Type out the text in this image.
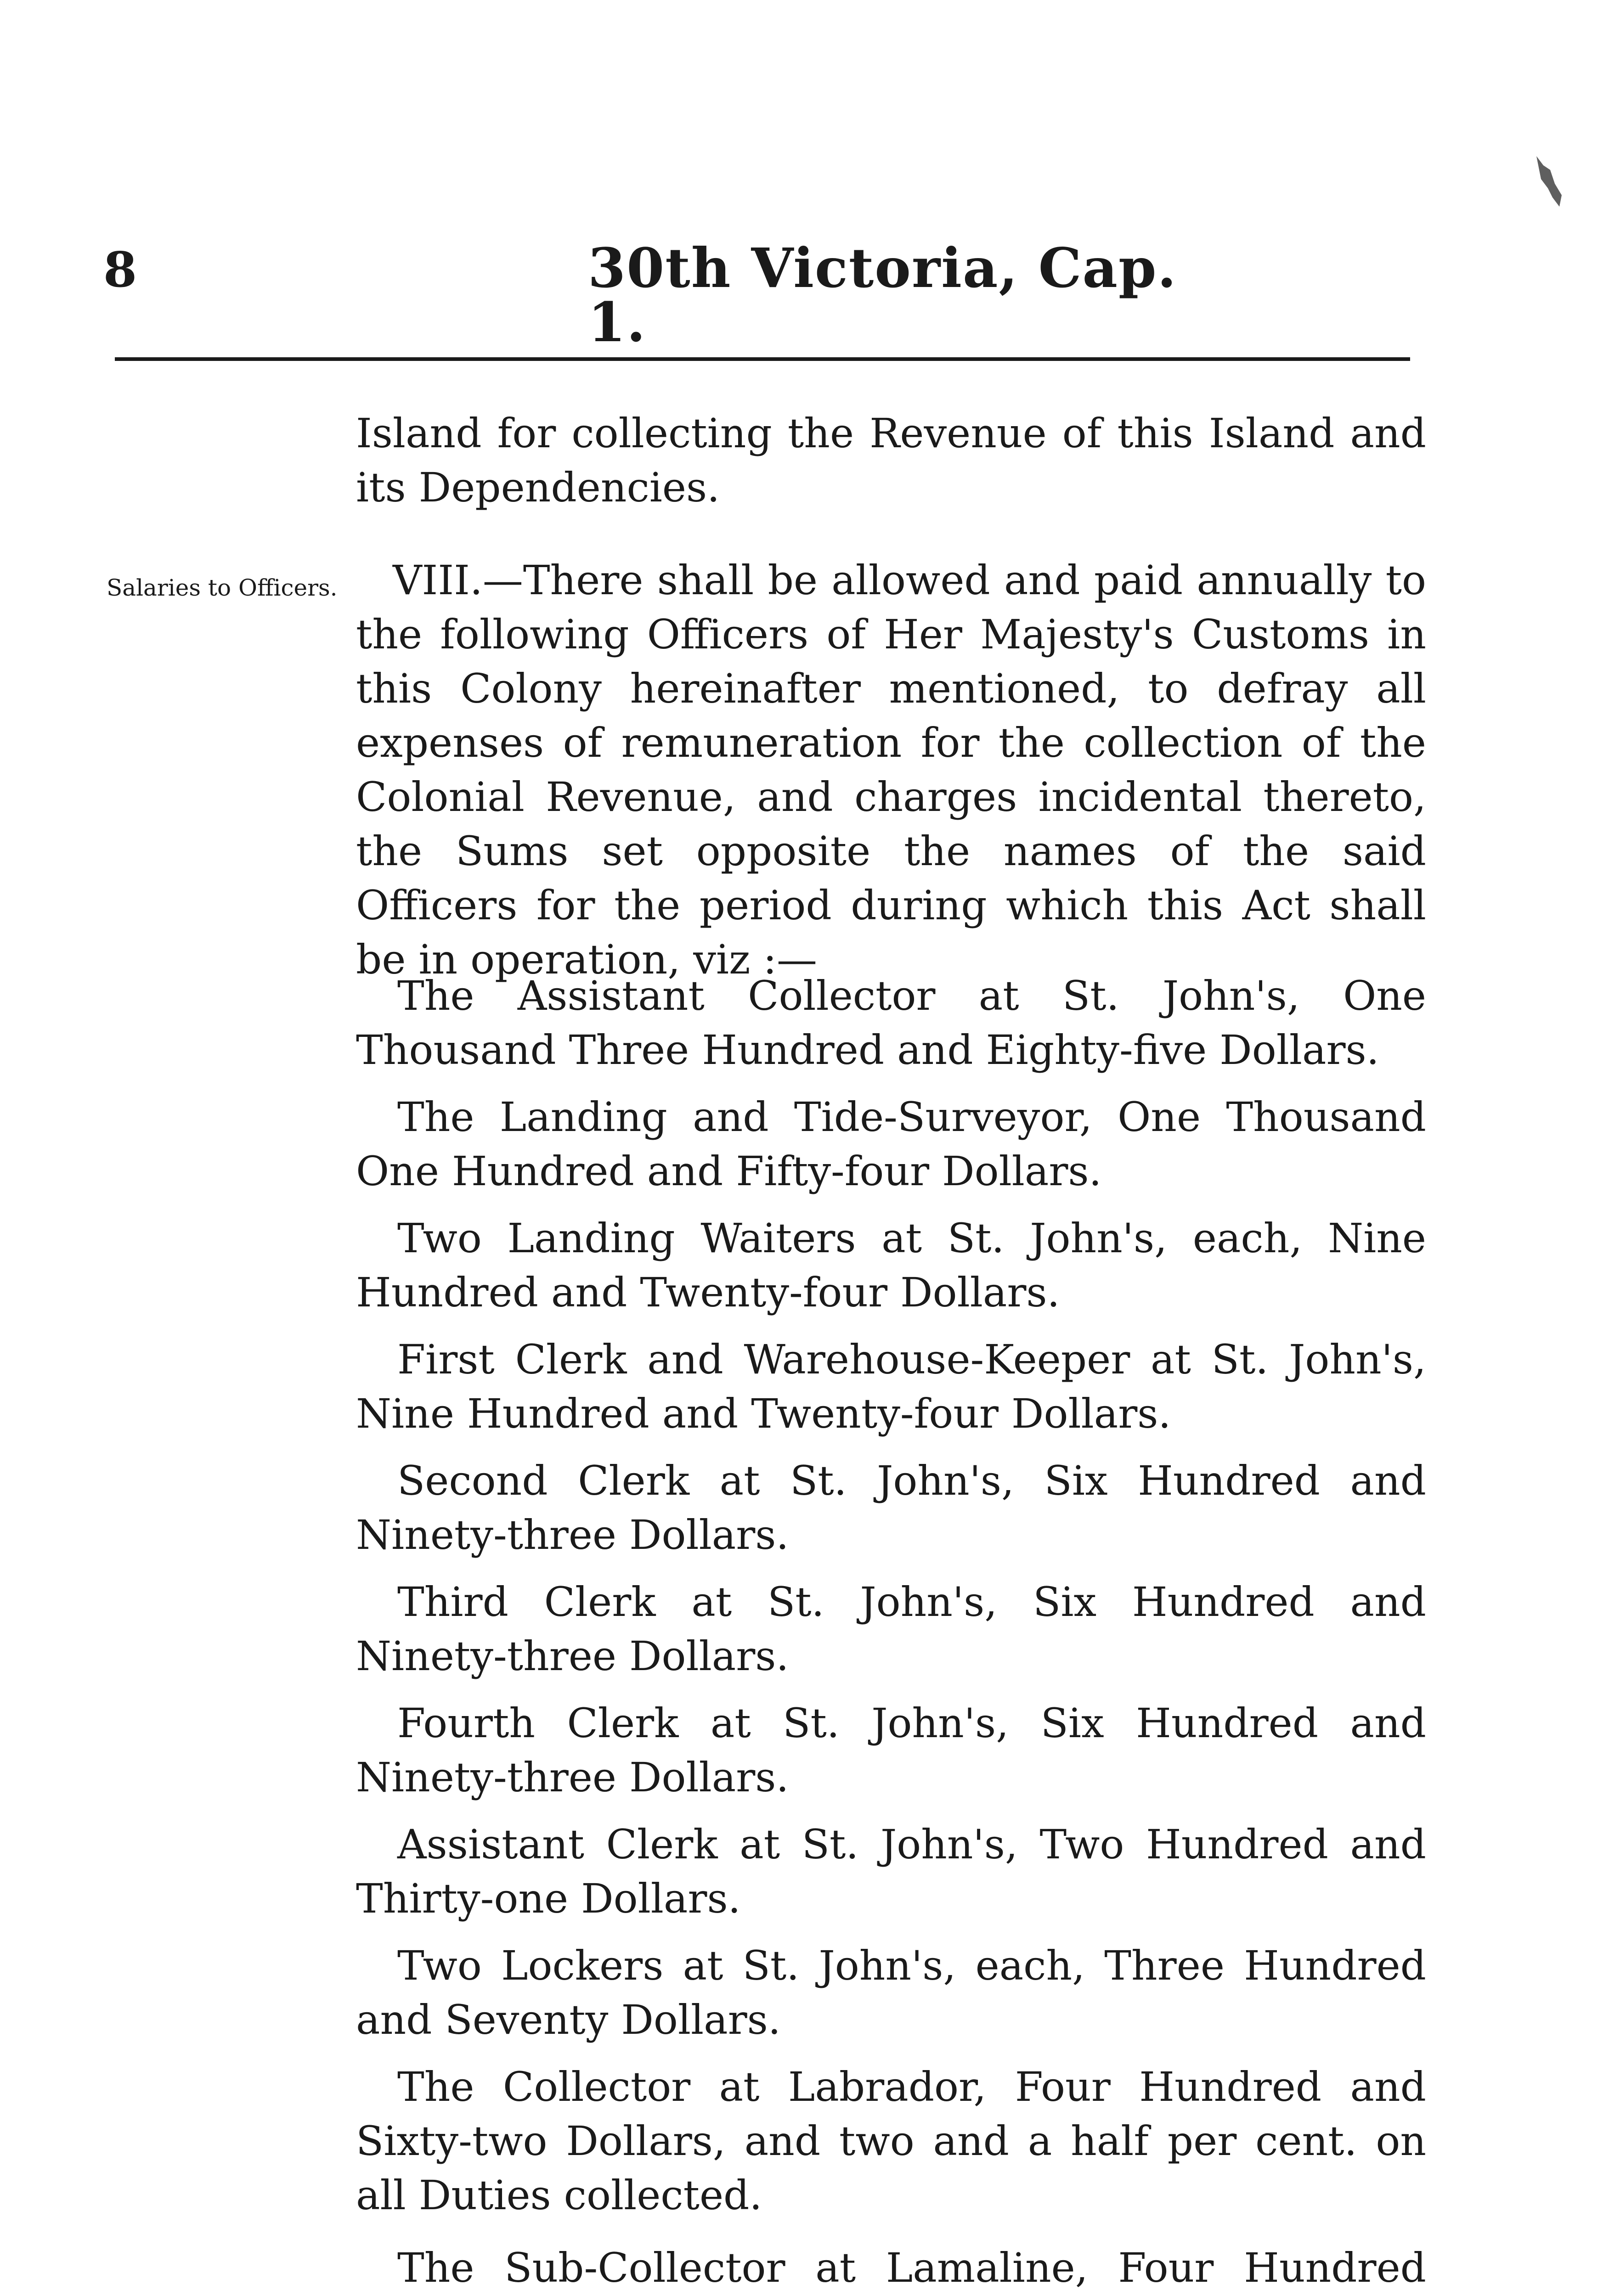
8	30th Victoria, Cap. 1.
Salaries to Officers.

Island for collecting the Revenue of this Island and its Dependencies.

VIII.—There shall be allowed and paid annually to the following Officers of Her Majesty's Customs in this Colony hereinafter mentioned, to defray all expenses of remuneration for the collection of the Colonial Revenue, and charges incidental thereto, the Sums set opposite the names of the said Officers for the period during which this Act shall be in operation, viz :—

The Assistant Collector at St. John's, One Thousand Three Hundred and Eighty-five Dollars.

The Landing and Tide-Surveyor, One Thousand One Hundred and Fifty-four Dollars.

Two Landing Waiters at St. John's, each, Nine Hundred and Twenty-four Dollars.

First Clerk and Warehouse-Keeper at St. John's, Nine Hundred and Twenty-four Dollars.

Second Clerk at St. John's, Six Hundred and Ninety-three Dollars.

Third Clerk at St. John's, Six Hundred and Ninety-three Dollars.

Fourth Clerk at St. John's, Six Hundred and Ninety-three Dollars.

Assistant Clerk at St. John's, Two Hundred and Thirty-one Dollars.

Two Lockers at St. John's, each, Three Hundred and Seventy Dollars.

The Collector at Labrador, Four Hundred and Sixty-two Dollars, and two and a half per cent. on all Duties collected.

The Sub-Collector at Lamaline, Four Hundred
